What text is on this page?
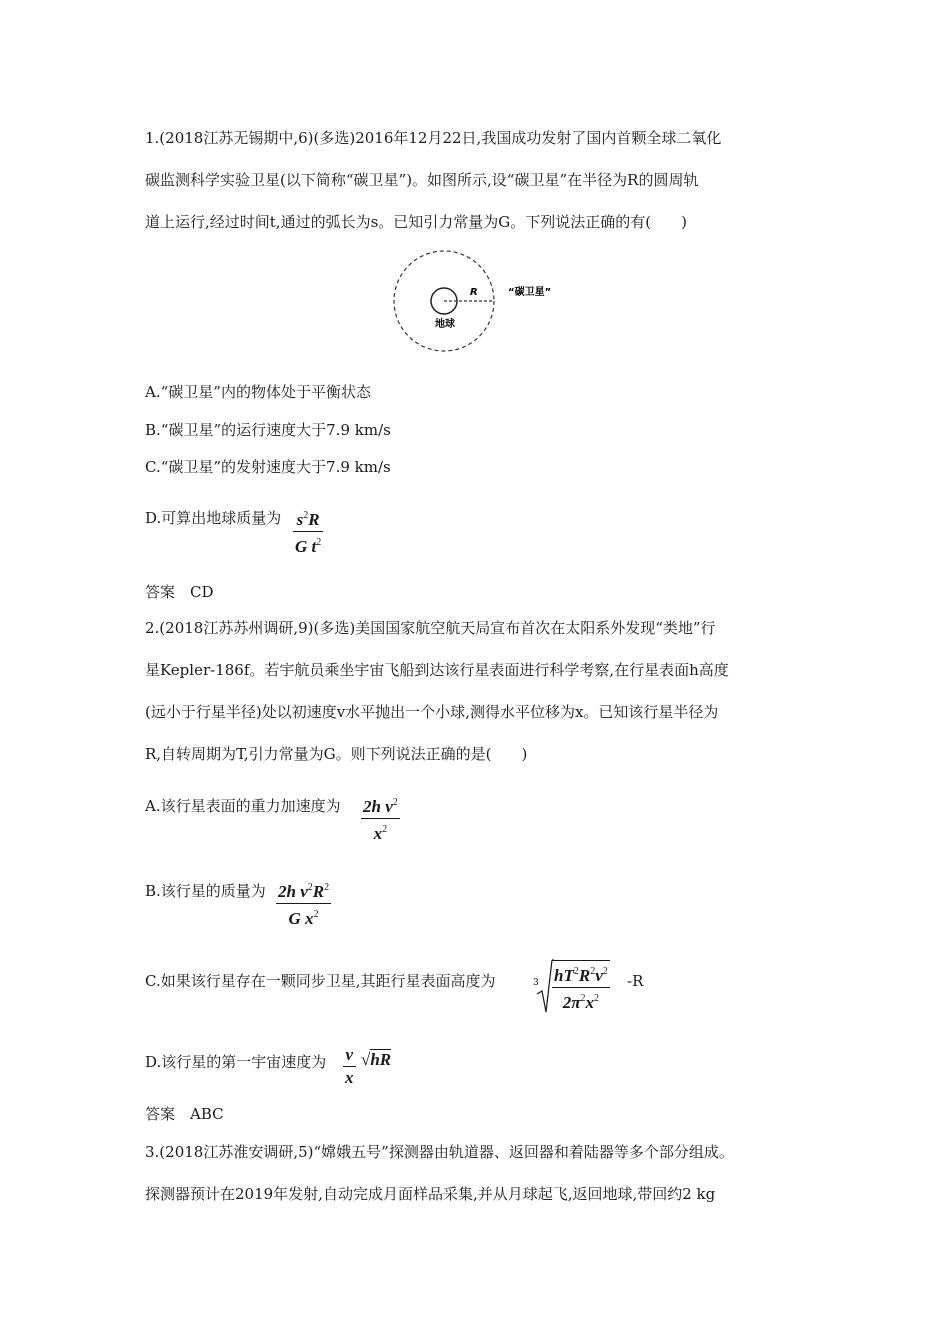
1.(2018江苏无锡期中,6)(多选)2016年12月22日,我国成功发射了国内首颗全球二氧化
碳监测科学实验卫星(以下简称“碳卫星”)。如图所示,设“碳卫星”在半径为R的圆周轨
道上运行,经过时间t,通过的弧长为s。已知引力常量为G。下列说法正确的有(　　)
R	“碳卫星”
地球
A.“碳卫星”内的物体处于平衡状态
B.“碳卫星”的运行速度大于7.9 km/s
C.“碳卫星”的发射速度大于7.9 km/s
D.可算出地球质量为 $\frac{s^2R}{G t^2}$
答案　CD
2.(2018江苏苏州调研,9)(多选)美国国家航空航天局宣布首次在太阳系外发现“类地”行
星Kepler-186f。若宇航员乘坐宇宙飞船到达该行星表面进行科学考察,在行星表面h高度
(远小于行星半径)处以初速度v水平抛出一个小球,测得水平位移为x。已知该行星半径为
R,自转周期为T,引力常量为G。则下列说法正确的是(　　)
A.该行星表面的重力加速度为 $\frac{2h v^2}{x^2}$
B.该行星的质量为 $\frac{2h v^2R^2}{G x^2}$
C.如果该行星存在一颗同步卫星,其距行星表面高度为	$3 \frac{hT^2R^2v^2}{2\pi^2x^2} -R$
D.该行星的第一宇宙速度为 $\frac{v}{x} √hR$
答案　ABC
3.(2018江苏淮安调研,5)“嫦娥五号”探测器由轨道器、返回器和着陆器等多个部分组成。
探测器预计在2019年发射,自动完成月面样品采集,并从月球起飞,返回地球,带回约2 kg
